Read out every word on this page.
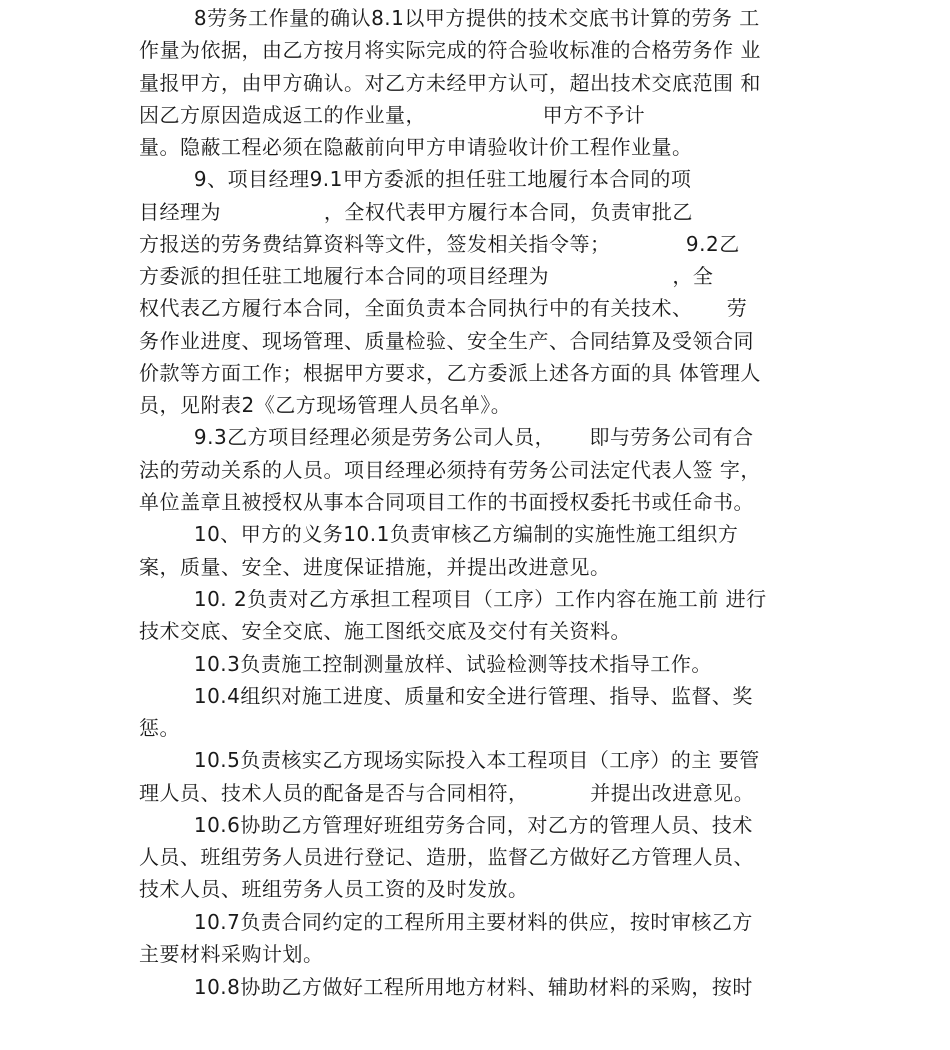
8劳务工作量的确认8.1以甲方提供的技术交底书计算的劳务 工
作量为依据，由乙方按月将实际完成的符合验收标准的合格劳务作 业
量报甲方，由甲方确认。对乙方未经甲方认可，超出技术交底范围 和
因乙方原因造成返工的作业量，                 甲方不予计
量。隐蔽工程必须在隐蔽前向甲方申请验收计价工程作业量。
9、项目经理9.1甲方委派的担任驻工地履行本合同的项
目经理为               ，全权代表甲方履行本合同，负责审批乙
方报送的劳务费结算资料等文件，签发相关指令等；           9.2乙
方委派的担任驻工地履行本合同的项目经理为                  ，全
权代表乙方履行本合同，全面负责本合同执行中的有关技术、     劳
务作业进度、现场管理、质量检验、安全生产、合同结算及受领合同
价款等方面工作；根据甲方要求，乙方委派上述各方面的具 体管理人
员，见附表2《乙方现场管理人员名单》。
9.3乙方项目经理必须是劳务公司人员，     即与劳务公司有合
法的劳动关系的人员。项目经理必须持有劳务公司法定代表人签 字，
单位盖章且被授权从事本合同项目工作的书面授权委托书或任命书。
10、甲方的义务10.1负责审核乙方编制的实施性施工组织方
案，质量、安全、进度保证措施，并提出改进意见。
10. 2负责对乙方承担工程项目（工序）工作内容在施工前 进行
技术交底、安全交底、施工图纸交底及交付有关资料。
10.3负责施工控制测量放样、试验检测等技术指导工作。
10.4组织对施工进度、质量和安全进行管理、指导、监督、奖
惩。
10.5负责核实乙方现场实际投入本工程项目（工序）的主 要管
理人员、技术人员的配备是否与合同相符，         并提出改进意见。
10.6协助乙方管理好班组劳务合同，对乙方的管理人员、技术
人员、班组劳务人员进行登记、造册，监督乙方做好乙方管理人员、
技术人员、班组劳务人员工资的及时发放。
10.7负责合同约定的工程所用主要材料的供应，按时审核乙方
主要材料采购计划。
10.8协助乙方做好工程所用地方材料、辅助材料的采购，按时
